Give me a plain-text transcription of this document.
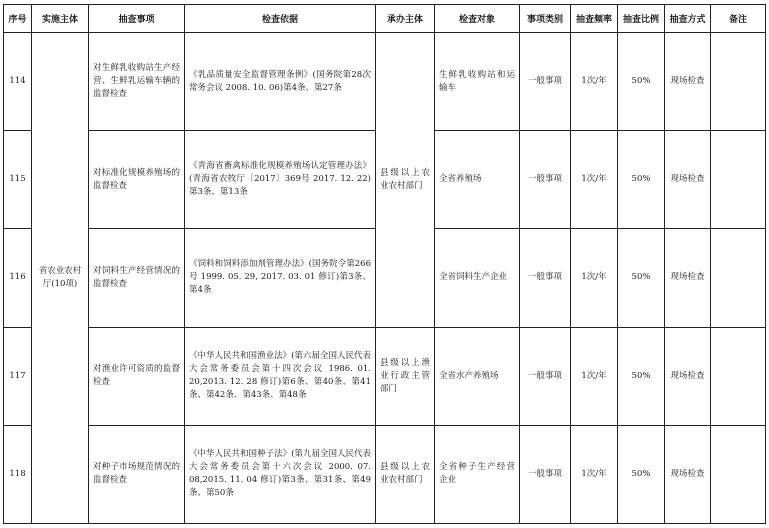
序号	实施主体	抽查事项	检查依据	承办主体	检查对象	事项类别	抽查频率	抽查比例	抽查方式	备注
114	省农业农村厅(10项)	对生鲜乳收购站生产经营、生鲜乳运输车辆的监督检查	《乳品质量安全监督管理条例》(国务院第28次常务会议 2008. 10. 06)第4条、第27条	县级以上农业农村部门	生鲜乳收购站和运输车	一般事项	1次/年	50%	现场检查	
115		对标准化规模养殖场的监督检查	《青海省畜禽标准化规模养殖场认定管理办法》(青海省农牧厅〔2017〕369号 2017. 12. 22)第3条、第13条		全省养殖场	一般事项	1次/年	50%	现场检查	
116		对饲料生产经营情况的监督检查	《饲料和饲料添加剂管理办法》(国务院令第266号 1999. 05. 29, 2017. 03. 01 修订)第3条、第4条		全省饲料生产企业	一般事项	1次/年	50%	现场检查	
117		对渔业许可资质的监督检查	《中华人民共和国渔业法》(第六届全国人民代表大会常务委员会第十四次会议 1986. 01. 20,2013. 12. 28 修订)第6条、第40条、第41条、第42条、第43条、第48条	县级以上渔业行政主管部门	全省水产养殖场	一般事项	1次/年	50%	现场检查	
118		对种子市场规范情况的监督检查	《中华人民共和国种子法》(第九届全国人民代表大会常务委员会第十六次会议 2000. 07. 08,2015. 11. 04 修订)第3条、第31条、第49条、第50条	县级以上农业农村部门	全省种子生产经营企业	一般事项	1次/年	50%	现场检查	
